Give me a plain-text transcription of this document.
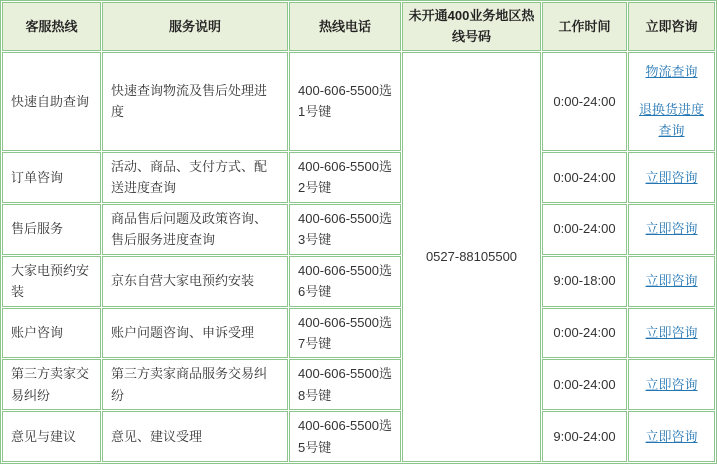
客服热线	服务说明	热线电话	未开通400业务地区热线号码	工作时间	立即咨询
快速自助查询	快速查询物流及售后处理进度	400-606-5500选1号键	0527-88105500	0:00-24:00	物流查询
退换货进度查询

订单咨询	活动、商品、支付方式、配送进度查询	400-606-5500选2号键		0:00-24:00	立即咨询

售后服务	商品售后问题及政策咨询、售后服务进度查询	400-606-5500选3号键		0:00-24:00	立即咨询

大家电预约安装	京东自营大家电预约安装	400-606-5500选6号键		9:00-18:00	立即咨询

账户咨询	账户问题咨询、申诉受理	400-606-5500选7号键		0:00-24:00	立即咨询

第三方卖家交易纠纷	第三方卖家商品服务交易纠纷	400-606-5500选8号键		0:00-24:00	立即咨询

意见与建议	意见、建议受理	400-606-5500选5号键		9:00-24:00	立即咨询
